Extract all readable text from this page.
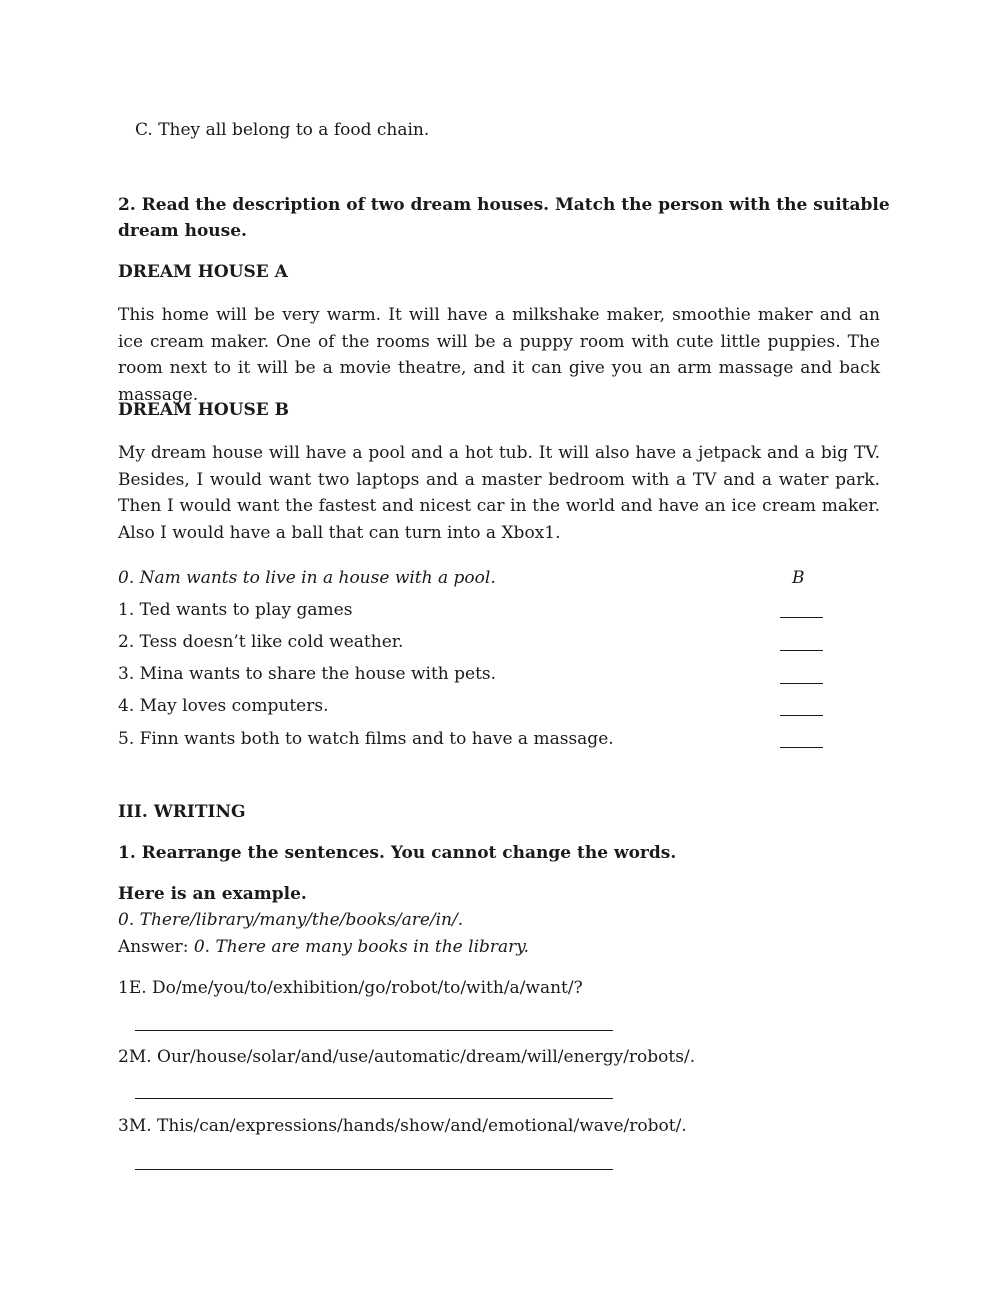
C. They all belong to a food chain.
2. Read the description of two dream houses. Match the person with the suitable
dream house.
DREAM HOUSE A
This home will be very warm. It will have a milkshake maker, smoothie maker and an ice cream maker. One of the rooms will be a puppy room with cute little puppies. The room next to it will be a movie theatre, and it can give you an arm massage and back massage.
DREAM HOUSE B
My dream house will have a pool and a hot tub. It will also have a jetpack and a big TV. Besides, I would want two laptops and a master bedroom with a TV and a water park. Then I would want the fastest and nicest car in the world and have an ice cream maker. Also I would have a ball that can turn into a Xbox1.
0. Nam wants to live in a house with a pool.	B
1. Ted wants to play games
2. Tess doesn’t like cold weather.
3. Mina wants to share the house with pets.
4. May loves computers.
5. Finn wants both to watch films and to have a massage.
III. WRITING
1. Rearrange the sentences. You cannot change the words.
Here is an example.
0. There/library/many/the/books/are/in/.
Answer: 0. There are many books in the library.
1E. Do/me/you/to/exhibition/go/robot/to/with/a/want/?
2M. Our/house/solar/and/use/automatic/dream/will/energy/robots/.
3M. This/can/expressions/hands/show/and/emotional/wave/robot/.
